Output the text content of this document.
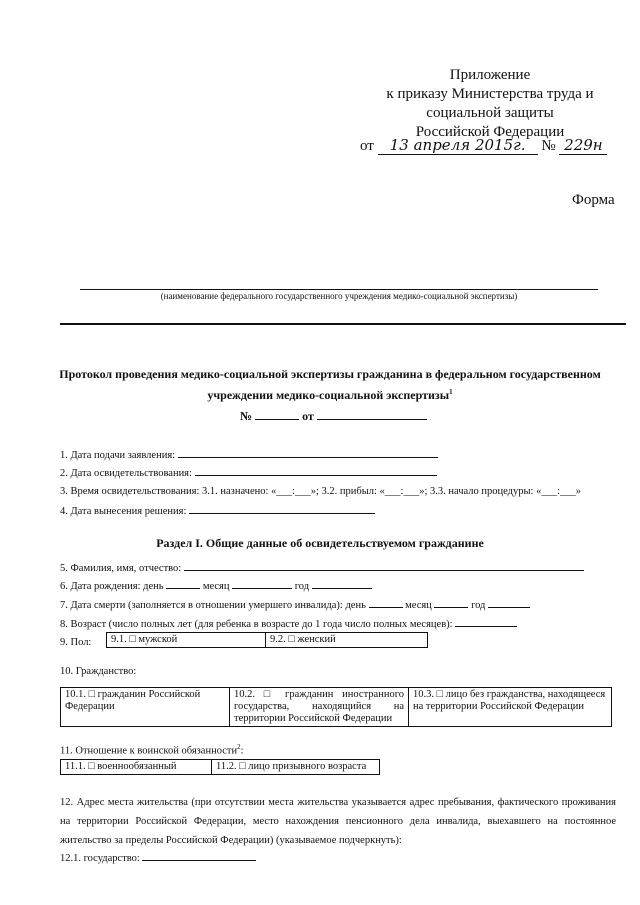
Приложение
к приказу Министерства труда и
социальной защиты
Российской Федерации
от 13 апреля 2015г. № 229н
Форма
(наименование федерального государственного учреждения медико-социальной экспертизы)
Протокол проведения медико-социальной экспертизы гражданина в федеральном государственном
учреждении медико-социальной экспертизы$^1$
№	от
1. Дата подачи заявления:
2. Дата освидетельствования:
3. Время освидетельствования: 3.1. назначено: «___:___»; 3.2. прибыл: «___:___»; 3.3. начало процедуры: «___:___»
4. Дата вынесения решения:
Раздел I. Общие данные об освидетельствуемом гражданине
5. Фамилия, имя, отчество:
6. Дата рождения: день	месяц	год
7. Дата смерти (заполняется в отношении умершего инвалида): день	месяц	год
8. Возраст (число полных лет (для ребенка в возрасте до 1 года число полных месяцев):
9. Пол: 9.1. □ мужской	9.2. □ женский
10. Гражданство:
10.1. □ гражданин Российской Федерации	10.2. □ гражданин иностранного государства, находящийся на территории Российской Федерации	10.3. □ лицо без гражданства, находящееся на территории Российской Федерации
11. Отношение к воинской обязанности$^2$:
11.1. □ военнообязанный	11.2. □ лицо призывного возраста
12. Адрес места жительства (при отсутствии места жительства указывается адрес пребывания, фактического проживания на территории Российской Федерации, место нахождения пенсионного дела инвалида, выехавшего на постоянное жительство за пределы Российской Федерации) (указываемое подчеркнуть):
12.1. государство:
